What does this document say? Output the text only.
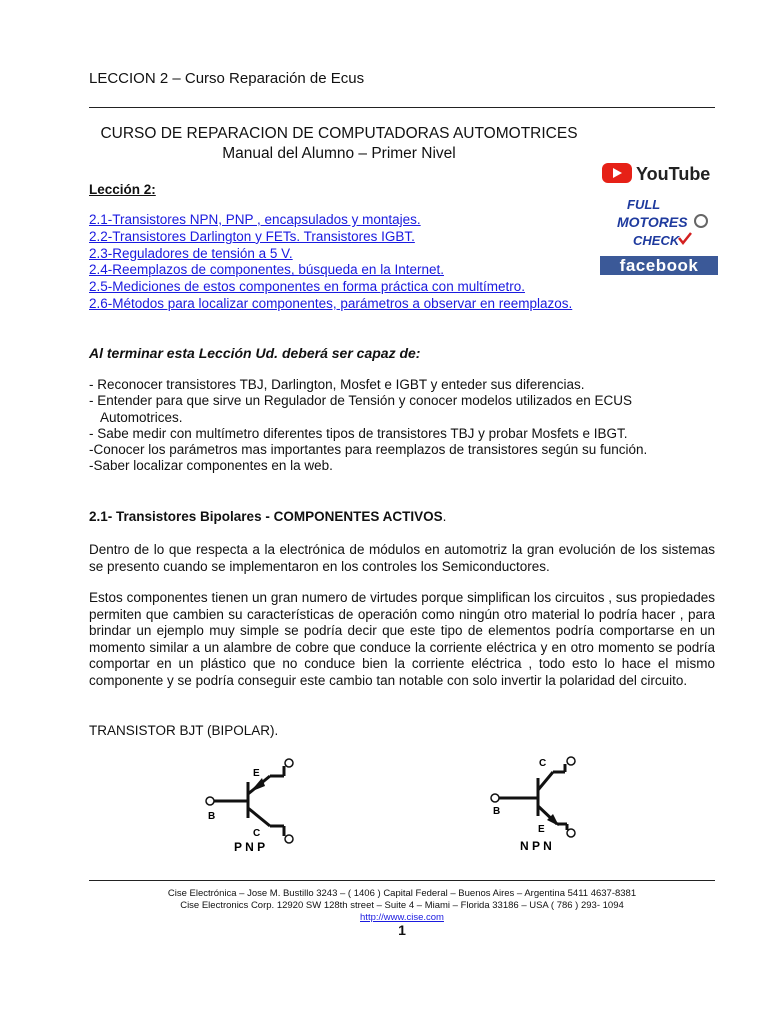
LECCION 2 – Curso Reparación de Ecus
CURSO DE REPARACION DE COMPUTADORAS AUTOMOTRICES
Manual del Alumno – Primer Nivel
YouTube
FULL
MOTORES
CHECK
facebook
Lección 2:
2.1-Transistores NPN, PNP , encapsulados y montajes.
2.2-Transistores Darlington y FETs. Transistores IGBT.
2.3-Reguladores de tensión a 5 V.
2.4-Reemplazos de componentes, búsqueda en la Internet.
2.5-Mediciones de estos componentes en forma práctica con multímetro.
2.6-Métodos para localizar componentes, parámetros a observar en reemplazos.
Al terminar esta Lección Ud. deberá ser capaz de:
- Reconocer transistores TBJ, Darlington, Mosfet e IGBT y enteder sus diferencias.
- Entender para que sirve un Regulador de Tensión y conocer modelos utilizados en ECUS
Automotrices.
- Sabe medir con multímetro diferentes tipos de transistores TBJ y probar Mosfets e IBGT.
-Conocer los parámetros mas importantes para reemplazos de transistores según su función.
-Saber localizar componentes en la web.
2.1- Transistores Bipolares - COMPONENTES ACTIVOS.
Dentro de lo que respecta a la electrónica de módulos en automotriz la gran evolución de los sistemas se presento cuando se implementaron en los controles los Semiconductores.
Estos componentes tienen un gran numero de virtudes porque simplifican los circuitos , sus propiedades permiten que cambien su características de operación como ningún otro material lo podría hacer , para brindar un ejemplo muy simple se podría decir que este tipo de elementos podría comportarse en un momento similar a un alambre de cobre que conduce la corriente eléctrica y en otro momento se podría comportar en un plástico que no conduce bien la corriente eléctrica , todo esto lo hace el mismo componente y se podría conseguir este cambio tan notable con solo invertir la polaridad del circuito.
TRANSISTOR BJT (BIPOLAR).
E
B
C
P N P
C
B
E
N P N
Cise Electrónica – Jose M. Bustillo 3243 – ( 1406 ) Capital Federal – Buenos Aires – Argentina 5411 4637-8381
Cise Electronics Corp. 12920 SW 128th street – Suite 4 – Miami – Florida 33186 – USA ( 786 ) 293- 1094
http://www.cise.com
1
